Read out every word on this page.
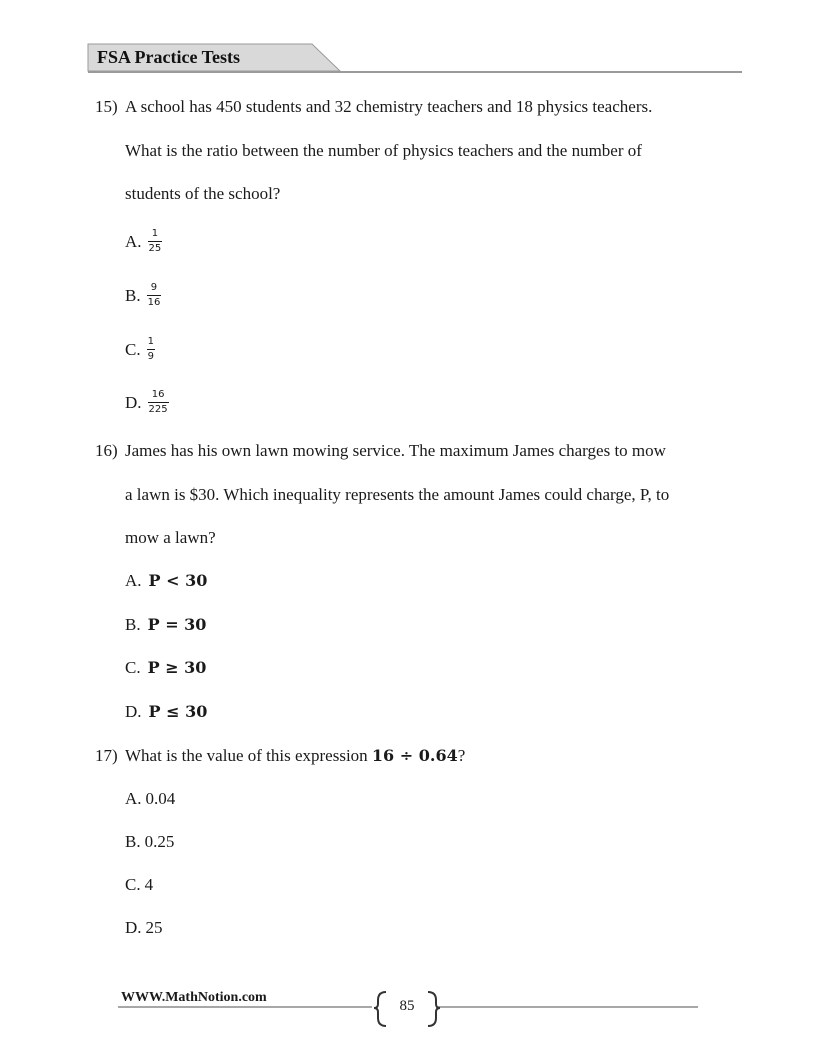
FSA Practice Tests
15) A school has 450 students and 32 chemistry teachers and 18 physics teachers.
What is the ratio between the number of physics teachers and the number of
students of the school?
A. $\frac{1}{25}$
B. $\frac{9}{16}$
C. $\frac{1}{9}$
D. $\frac{16}{225}$
16) James has his own lawn mowing service. The maximum James charges to mow
a lawn is $30. Which inequality represents the amount James could charge, P, to
mow a lawn?
A. P < 30
B. P = 30
C. P ≥ 30
D. P ≤ 30
17) What is the value of this expression 16 ÷ 0.64?
A. 0.04
B. 0.25
C. 4
D. 25
WWW.MathNotion.com
85
